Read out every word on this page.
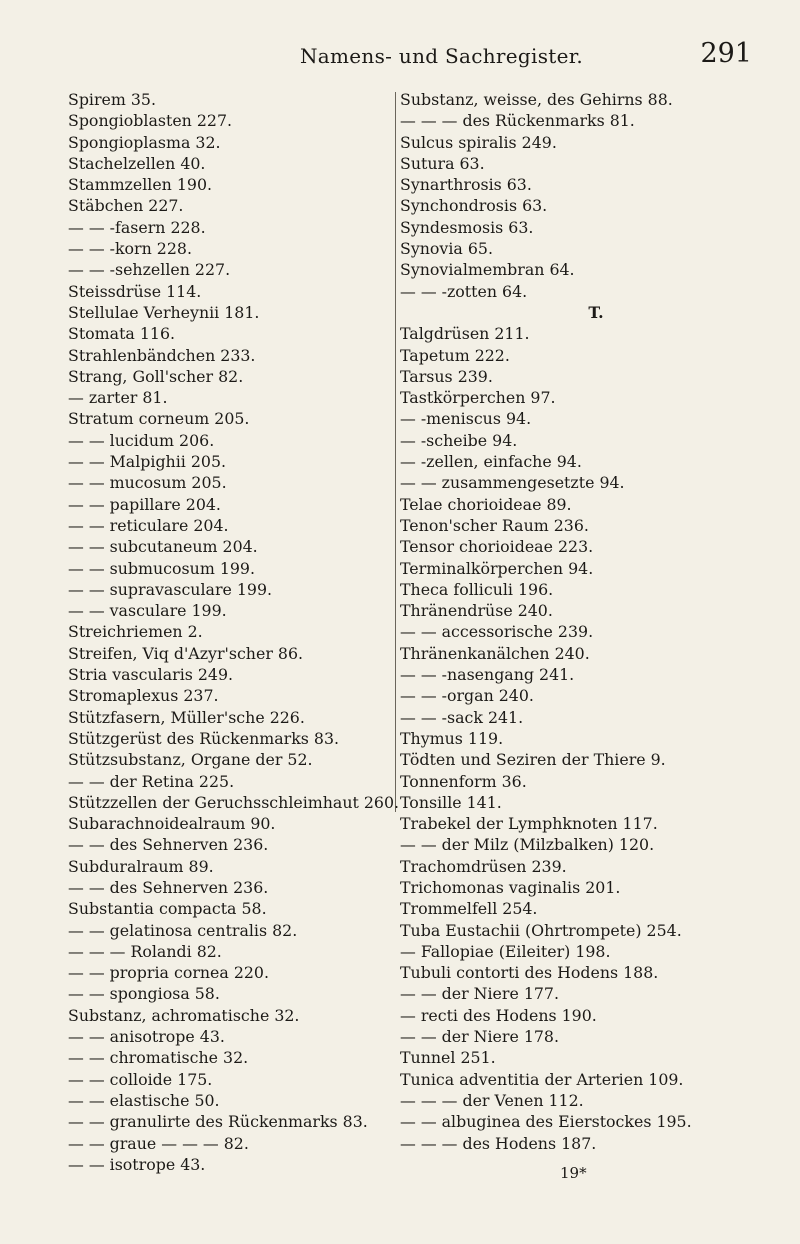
Namens- und Sachregister.	291
Spirem 35.
Spongioblasten 227.
Spongioplasma 32.
Stachelzellen 40.
Stammzellen 190.
Stäbchen 227.
— — -fasern 228.
— — -korn 228.
— — -sehzellen 227.
Steissdrüse 114.
Stellulae Verheynii 181.
Stomata 116.
Strahlenbändchen 233.
Strang, Goll'scher 82.
— zarter 81.
Stratum corneum 205.
— — lucidum 206.
— — Malpighii 205.
— — mucosum 205.
— — papillare 204.
— — reticulare 204.
— — subcutaneum 204.
— — submucosum 199.
— — supravasculare 199.
— — vasculare 199.
Streichriemen 2.
Streifen, Viq d'Azyr'scher 86.
Stria vascularis 249.
Stromaplexus 237.
Stützfasern, Müller'sche 226.
Stützgerüst des Rückenmarks 83.
Stützsubstanz, Organe der 52.
— — der Retina 225.
Stützzellen der Geruchsschleimhaut 260.
Subarachnoidealraum 90.
— — des Sehnerven 236.
Subduralraum 89.
— — des Sehnerven 236.
Substantia compacta 58.
— — gelatinosa centralis 82.
— — — Rolandi 82.
— — propria cornea 220.
— — spongiosa 58.
Substanz, achromatische 32.
— — anisotrope 43.
— — chromatische 32.
— — colloide 175.
— — elastische 50.
— — granulirte des Rückenmarks 83.
— — graue — — — 82.
— — isotrope 43.
Substanz, weisse, des Gehirns 88.
— — — des Rückenmarks 81.
Sulcus spiralis 249.
Sutura 63.
Synarthrosis 63.
Synchondrosis 63.
Syndesmosis 63.
Synovia 65.
Synovialmembran 64.
— — -zotten 64.
T.
Talgdrüsen 211.
Tapetum 222.
Tarsus 239.
Tastkörperchen 97.
— -meniscus 94.
— -scheibe 94.
— -zellen, einfache 94.
— — zusammengesetzte 94.
Telae chorioideae 89.
Tenon'scher Raum 236.
Tensor chorioideae 223.
Terminalkörperchen 94.
Theca folliculi 196.
Thränendrüse 240.
— — accessorische 239.
Thränenkanälchen 240.
— — -nasengang 241.
— — -organ 240.
— — -sack 241.
Thymus 119.
Tödten und Seziren der Thiere 9.
Tonnenform 36.
Tonsille 141.
Trabekel der Lymphknoten 117.
— — der Milz (Milzbalken) 120.
Trachomdrüsen 239.
Trichomonas vaginalis 201.
Trommelfell 254.
Tuba Eustachii (Ohrtrompete) 254.
— Fallopiae (Eileiter) 198.
Tubuli contorti des Hodens 188.
— — der Niere 177.
— recti des Hodens 190.
— — der Niere 178.
Tunnel 251.
Tunica adventitia der Arterien 109.
— — — der Venen 112.
— — albuginea des Eierstockes 195.
— — — des Hodens 187.
19*
